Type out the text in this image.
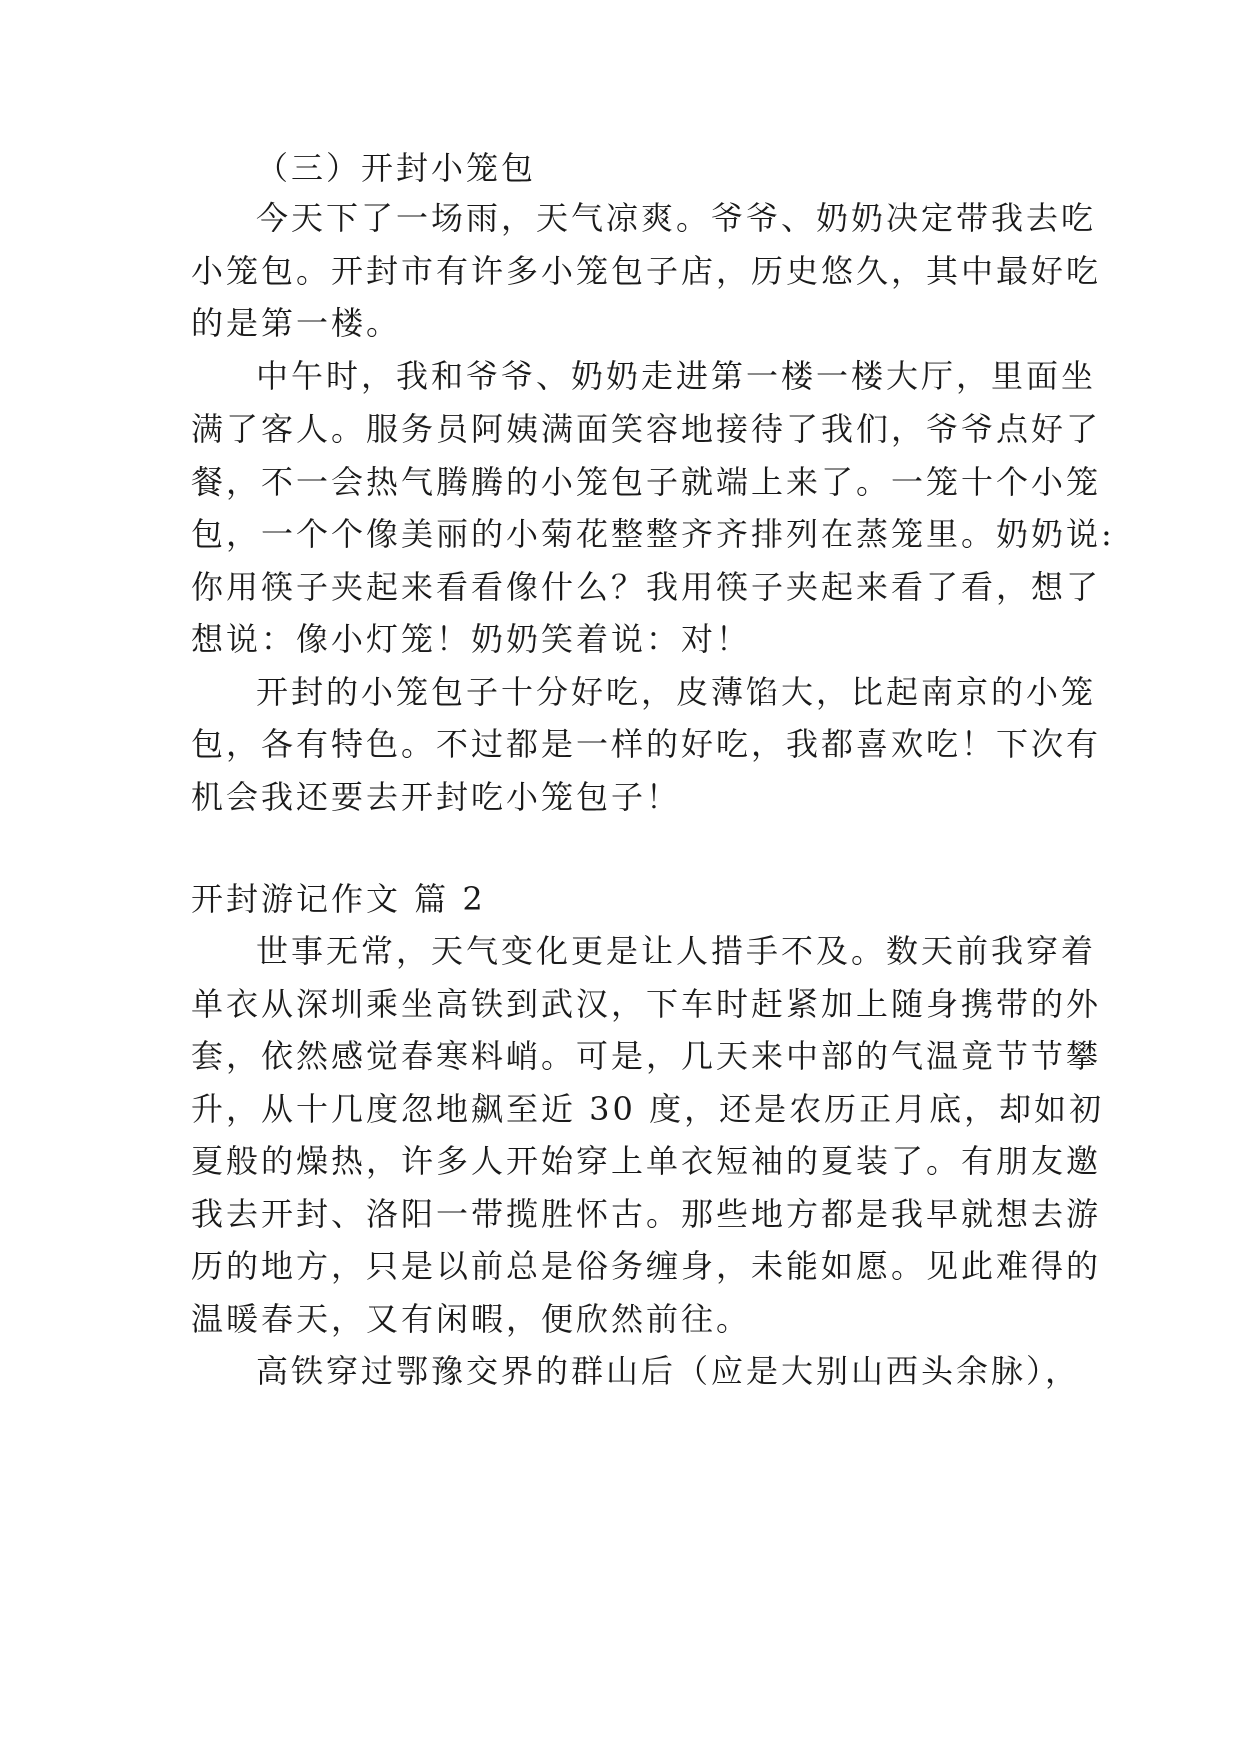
（三）开封小笼包
今天下了一场雨，天气凉爽。爷爷、奶奶决定带我去吃
小笼包。开封市有许多小笼包子店，历史悠久，其中最好吃
的是第一楼。
中午时，我和爷爷、奶奶走进第一楼一楼大厅，里面坐
满了客人。服务员阿姨满面笑容地接待了我们，爷爷点好了
餐，不一会热气腾腾的小笼包子就端上来了。一笼十个小笼
包，一个个像美丽的小菊花整整齐齐排列在蒸笼里。奶奶说:
你用筷子夹起来看看像什么？我用筷子夹起来看了看，想了
想说：像小灯笼！奶奶笑着说：对！
开封的小笼包子十分好吃，皮薄馅大，比起南京的小笼
包，各有特色。不过都是一样的好吃，我都喜欢吃！下次有
机会我还要去开封吃小笼包子！
开封游记作文 篇 2
世事无常，天气变化更是让人措手不及。数天前我穿着
单衣从深圳乘坐高铁到武汉，下车时赶紧加上随身携带的外
套，依然感觉春寒料峭。可是，几天来中部的气温竟节节攀
升，从十几度忽地飙至近 30 度，还是农历正月底，却如初
夏般的燥热，许多人开始穿上单衣短袖的夏装了。有朋友邀
我去开封、洛阳一带揽胜怀古。那些地方都是我早就想去游
历的地方，只是以前总是俗务缠身，未能如愿。见此难得的
温暖春天，又有闲暇，便欣然前往。
高铁穿过鄂豫交界的群山后（应是大别山西头余脉），
